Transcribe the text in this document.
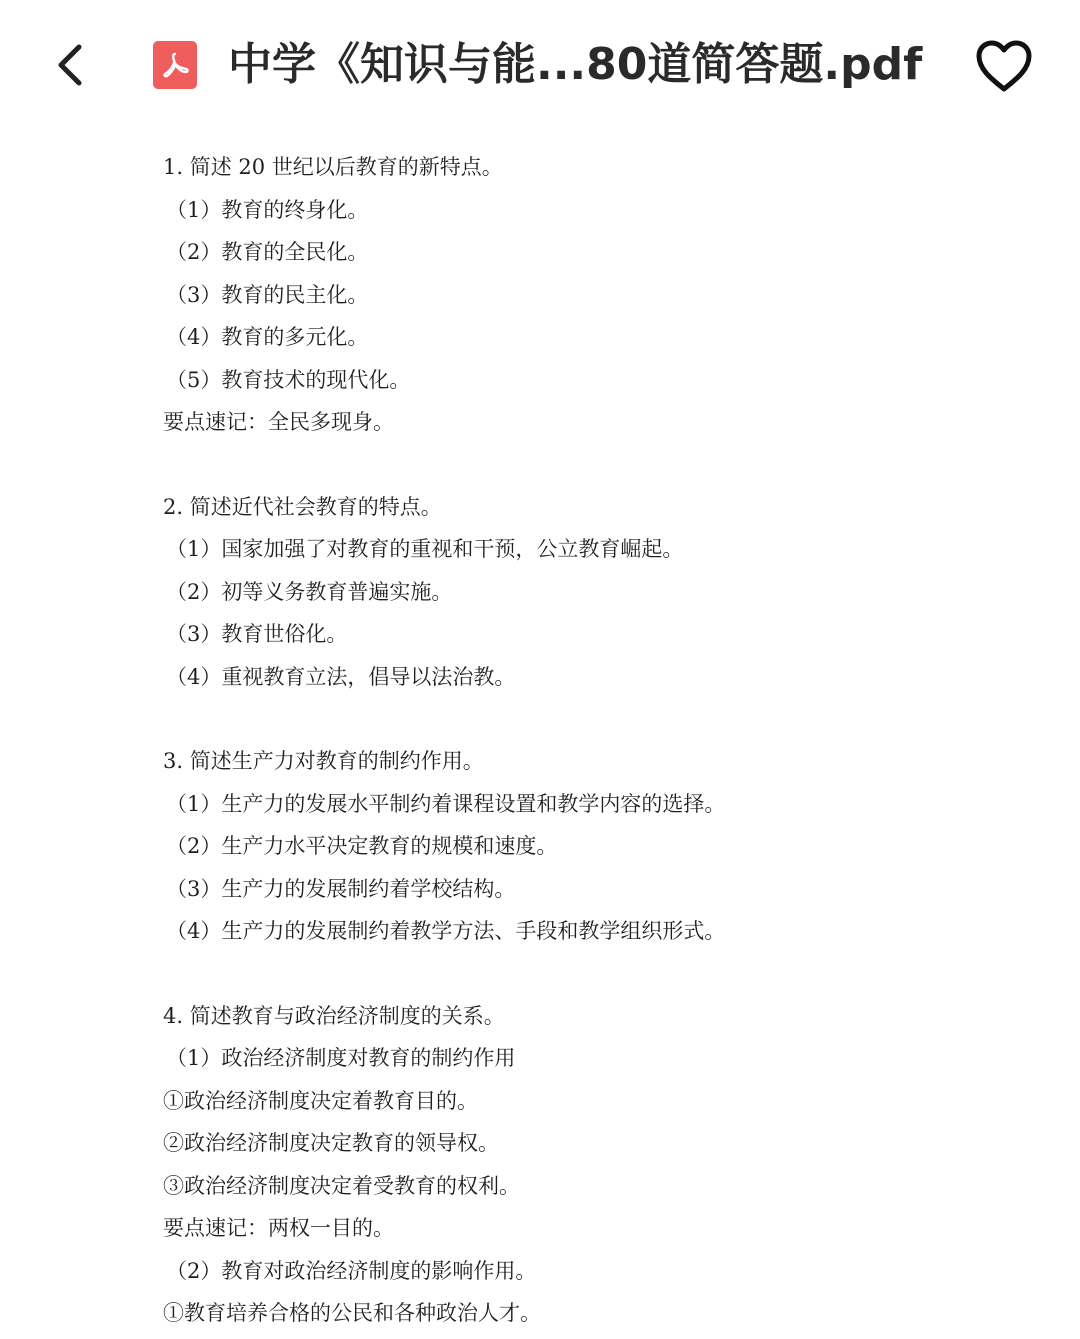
中学《知识与能...80道简答题.pdf
1. 简述 20 世纪以后教育的新特点。
（1）教育的终身化。
（2）教育的全民化。
（3）教育的民主化。
（4）教育的多元化。
（5）教育技术的现代化。
要点速记：全民多现身。
2. 简述近代社会教育的特点。
（1）国家加强了对教育的重视和干预，公立教育崛起。
（2）初等义务教育普遍实施。
（3）教育世俗化。
（4）重视教育立法，倡导以法治教。
3. 简述生产力对教育的制约作用。
（1）生产力的发展水平制约着课程设置和教学内容的选择。
（2）生产力水平决定教育的规模和速度。
（3）生产力的发展制约着学校结构。
（4）生产力的发展制约着教学方法、手段和教学组织形式。
4. 简述教育与政治经济制度的关系。
（1）政治经济制度对教育的制约作用
①政治经济制度决定着教育目的。
②政治经济制度决定教育的领导权。
③政治经济制度决定着受教育的权利。
要点速记：两权一目的。
（2）教育对政治经济制度的影响作用。
①教育培养合格的公民和各种政治人才。
